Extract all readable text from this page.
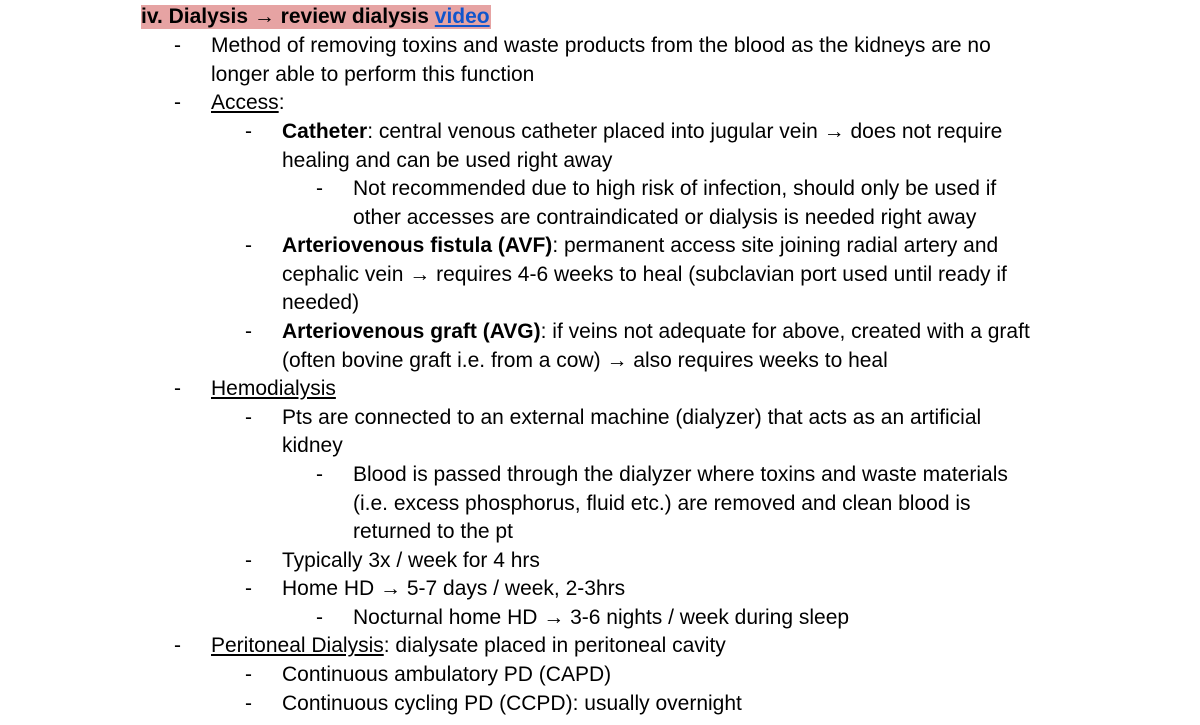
iv. Dialysis → review dialysis video

- Method of removing toxins and waste products from the blood as the kidneys are no
longer able to perform this function
- Access:
- Catheter: central venous catheter placed into jugular vein → does not require
healing and can be used right away
- Not recommended due to high risk of infection, should only be used if
other accesses are contraindicated or dialysis is needed right away
- Arteriovenous fistula (AVF): permanent access site joining radial artery and
cephalic vein → requires 4-6 weeks to heal (subclavian port used until ready if
needed)
- Arteriovenous graft (AVG): if veins not adequate for above, created with a graft
(often bovine graft i.e. from a cow) → also requires weeks to heal
- Hemodialysis
- Pts are connected to an external machine (dialyzer) that acts as an artificial
kidney
- Blood is passed through the dialyzer where toxins and waste materials
(i.e. excess phosphorus, fluid etc.) are removed and clean blood is
returned to the pt
- Typically 3x / week for 4 hrs
- Home HD → 5-7 days / week, 2-3hrs
- Nocturnal home HD → 3-6 nights / week during sleep
- Peritoneal Dialysis: dialysate placed in peritoneal cavity
- Continuous ambulatory PD (CAPD)
- Continuous cycling PD (CCPD): usually overnight
